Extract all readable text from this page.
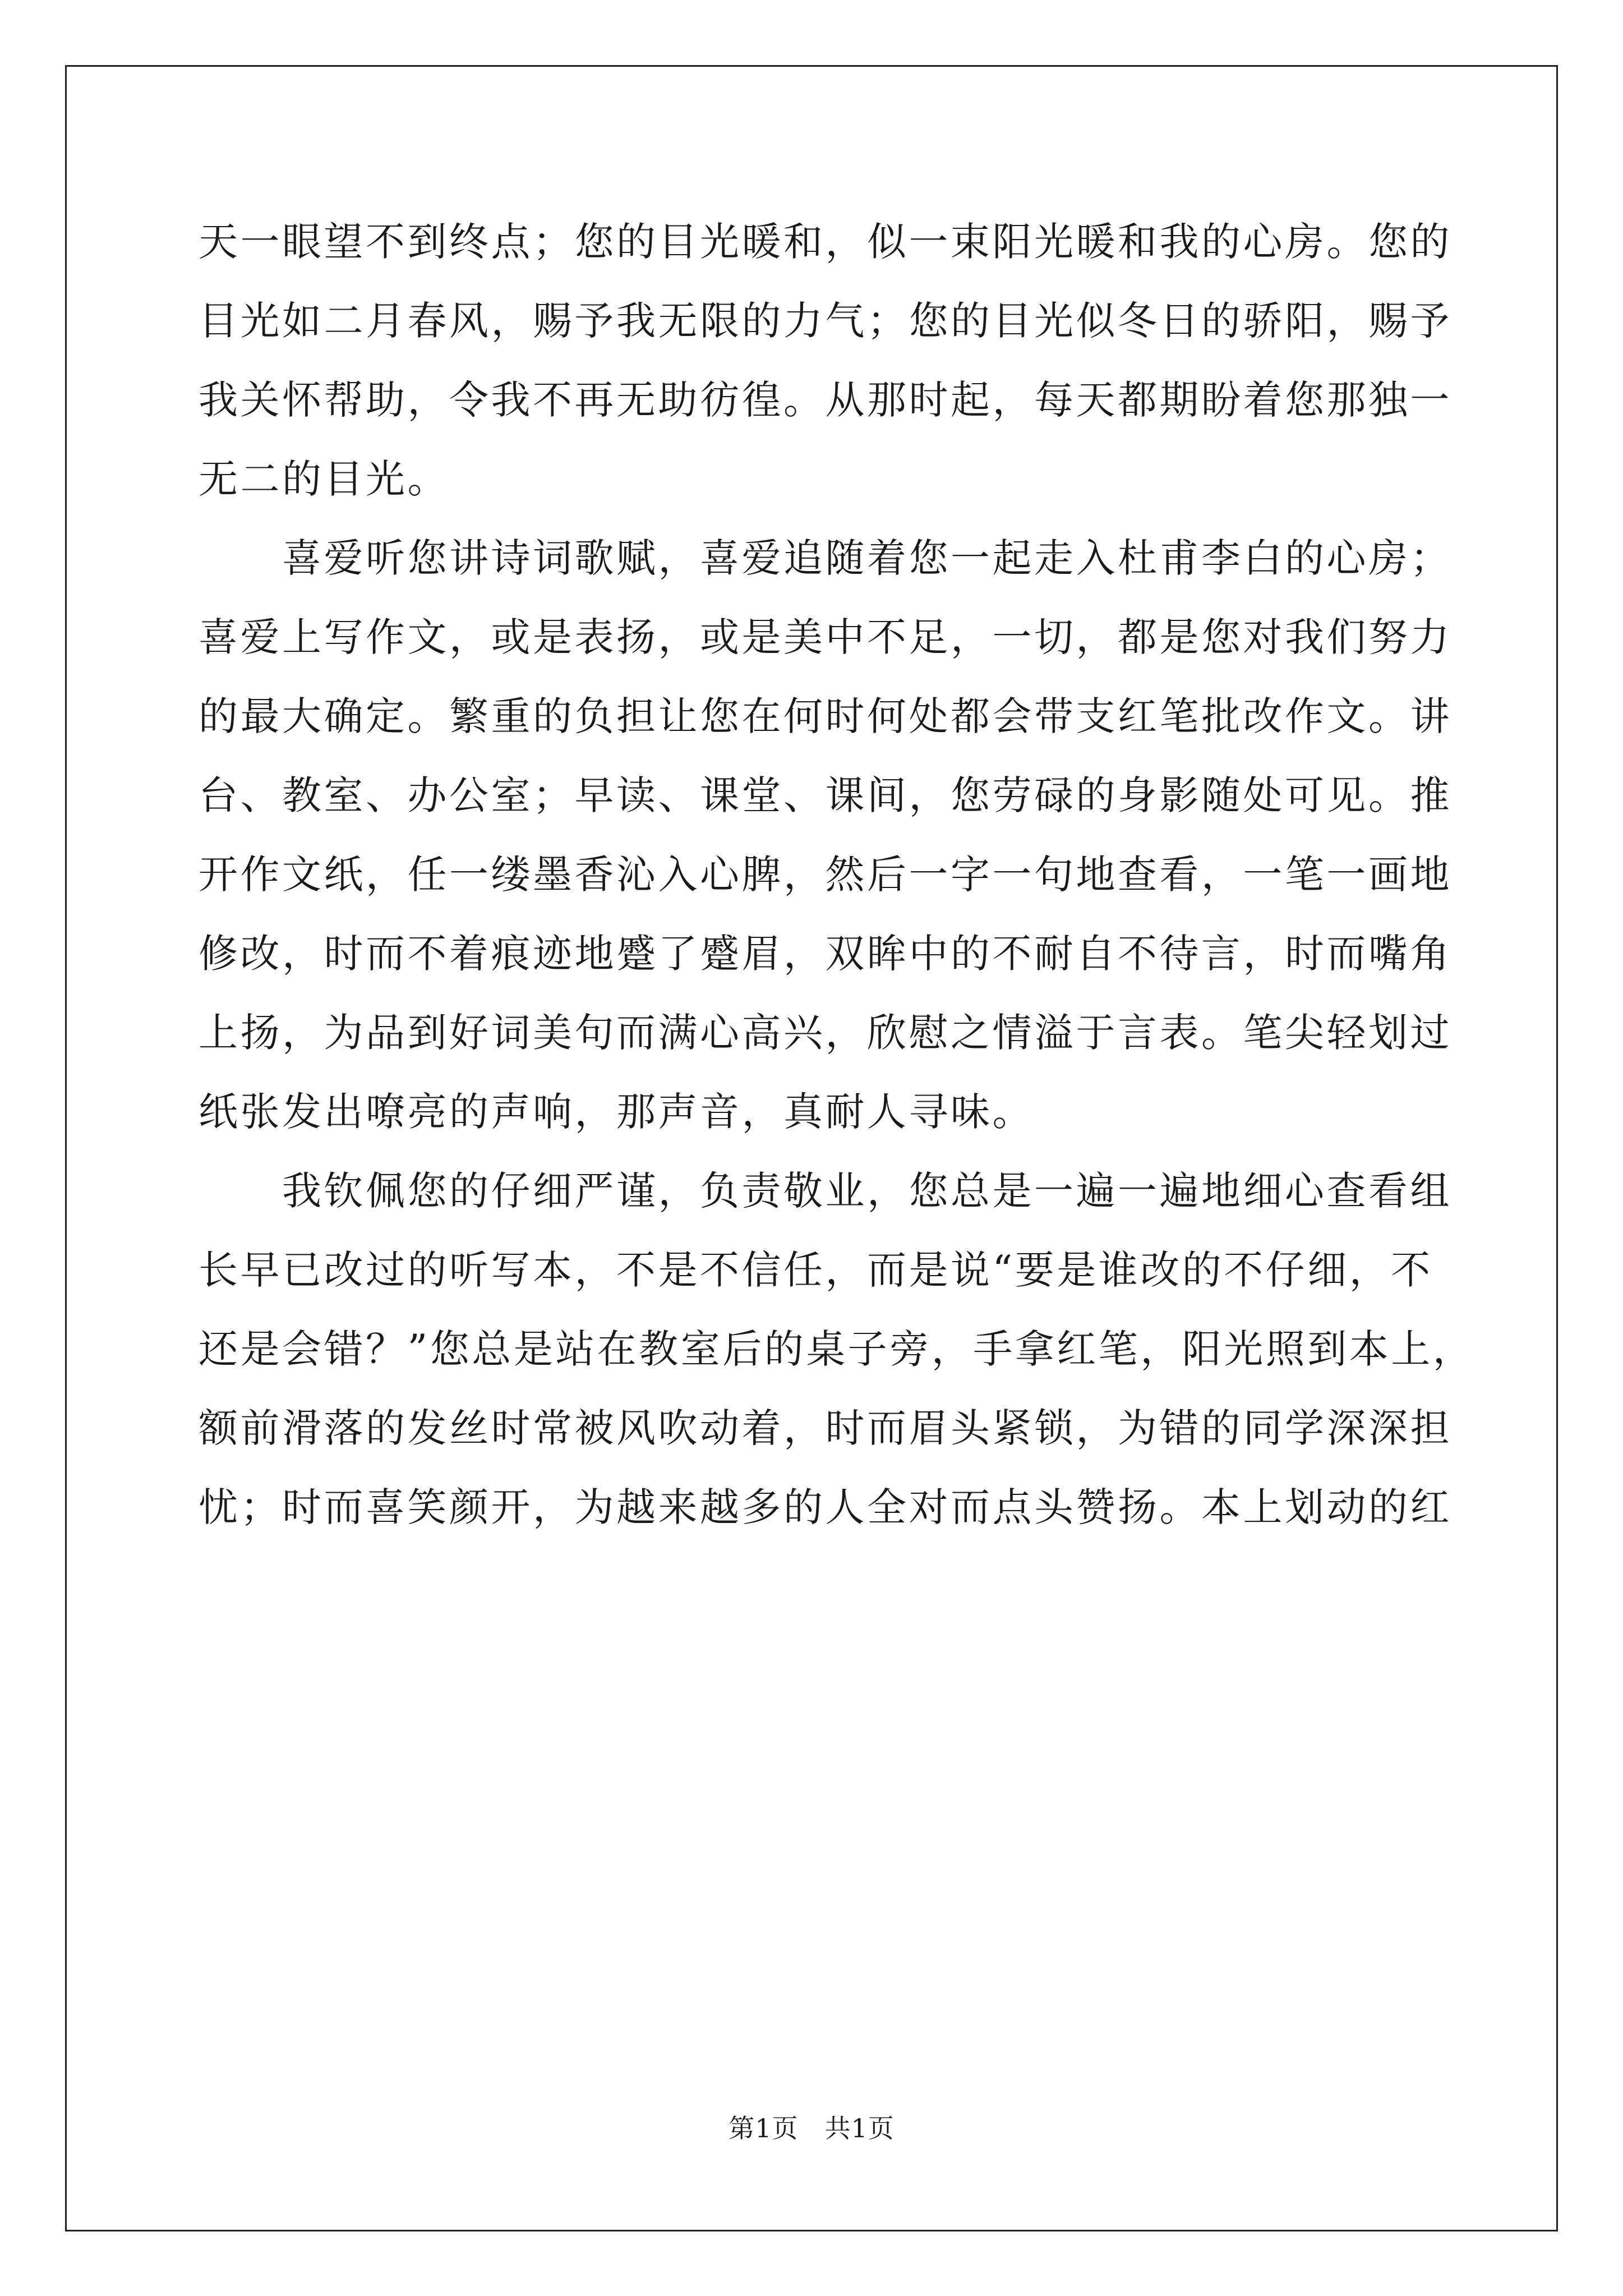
天一眼望不到终点；您的目光暖和，似一束阳光暖和我的心房。您的
目光如二月春风，赐予我无限的力气；您的目光似冬日的骄阳，赐予
我关怀帮助，令我不再无助彷徨。从那时起，每天都期盼着您那独一
无二的目光。
　　喜爱听您讲诗词歌赋，喜爱追随着您一起走入杜甫李白的心房；
喜爱上写作文，或是表扬，或是美中不足，一切，都是您对我们努力
的最大确定。繁重的负担让您在何时何处都会带支红笔批改作文。讲
台、教室、办公室；早读、课堂、课间，您劳碌的身影随处可见。推
开作文纸，任一缕墨香沁入心脾，然后一字一句地查看，一笔一画地
修改，时而不着痕迹地蹙了蹙眉，双眸中的不耐自不待言，时而嘴角
上扬，为品到好词美句而满心高兴，欣慰之情溢于言表。笔尖轻划过
纸张发出嘹亮的声响，那声音，真耐人寻味。
　　我钦佩您的仔细严谨，负责敬业，您总是一遍一遍地细心查看组
长早已改过的听写本，不是不信任，而是说“要是谁改的不仔细，不
还是会错？”您总是站在教室后的桌子旁，手拿红笔，阳光照到本上，
额前滑落的发丝时常被风吹动着，时而眉头紧锁，为错的同学深深担
忧；时而喜笑颜开，为越来越多的人全对而点头赞扬。本上划动的红
第1页　共1页
